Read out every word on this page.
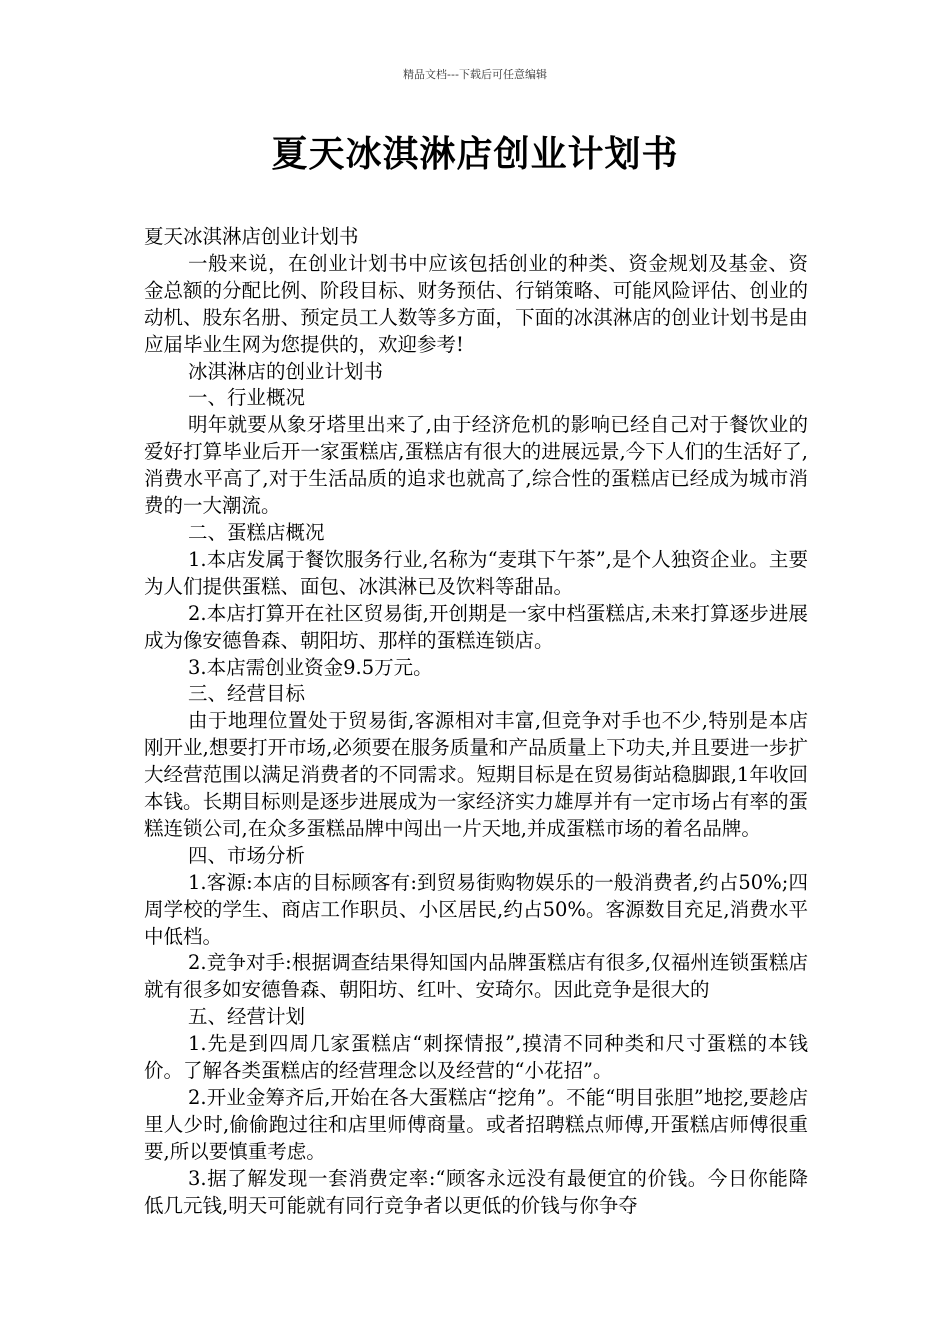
精品文档---下载后可任意编辑
夏天冰淇淋店创业计划书

夏天冰淇淋店创业计划书

一般来说，在创业计划书中应该包括创业的种类、资金规划及基金、资金总额的分配比例、阶段目标、财务预估、行销策略、可能风险评估、创业的动机、股东名册、预定员工人数等多方面，下面的冰淇淋店的创业计划书是由应届毕业生网为您提供的，欢迎参考!

冰淇淋店的创业计划书

一、行业概况

明年就要从象牙塔里出来了,由于经济危机的影响已经自己对于餐饮业的爱好打算毕业后开一家蛋糕店,蛋糕店有很大的进展远景,今下人们的生活好了,消费水平高了,对于生活品质的追求也就高了,综合性的蛋糕店已经成为城市消费的一大潮流。

二、蛋糕店概况

1.本店发属于餐饮服务行业,名称为“麦琪下午茶”,是个人独资企业。主要为人们提供蛋糕、面包、冰淇淋已及饮料等甜品。

2.本店打算开在社区贸易街,开创期是一家中档蛋糕店,未来打算逐步进展成为像安德鲁森、朝阳坊、那样的蛋糕连锁店。

3.本店需创业资金9.5万元。

三、经营目标

由于地理位置处于贸易街,客源相对丰富,但竞争对手也不少,特别是本店刚开业,想要打开市场,必须要在服务质量和产品质量上下功夫,并且要进一步扩大经营范围以满足消费者的不同需求。短期目标是在贸易街站稳脚跟,1年收回本钱。长期目标则是逐步进展成为一家经济实力雄厚并有一定市场占有率的蛋糕连锁公司,在众多蛋糕品牌中闯出一片天地,并成蛋糕市场的着名品牌。

四、市场分析

1.客源:本店的目标顾客有:到贸易街购物娱乐的一般消费者,约占50%;四周学校的学生、商店工作职员、小区居民,约占50%。客源数目充足,消费水平中低档。

2.竞争对手:根据调查结果得知国内品牌蛋糕店有很多,仅福州连锁蛋糕店就有很多如安德鲁森、朝阳坊、红叶、安琦尔。因此竞争是很大的

五、经营计划

1.先是到四周几家蛋糕店“刺探情报”,摸清不同种类和尺寸蛋糕的本钱价。了解各类蛋糕店的经营理念以及经营的“小花招”。

2.开业金筹齐后,开始在各大蛋糕店“挖角”。不能“明目张胆”地挖,要趁店里人少时,偷偷跑过往和店里师傅商量。或者招聘糕点师傅,开蛋糕店师傅很重要,所以要慎重考虑。

3.据了解发现一套消费定率:“顾客永远没有最便宜的价钱。今日你能降低几元钱,明天可能就有同行竞争者以更低的价钱与你争夺
